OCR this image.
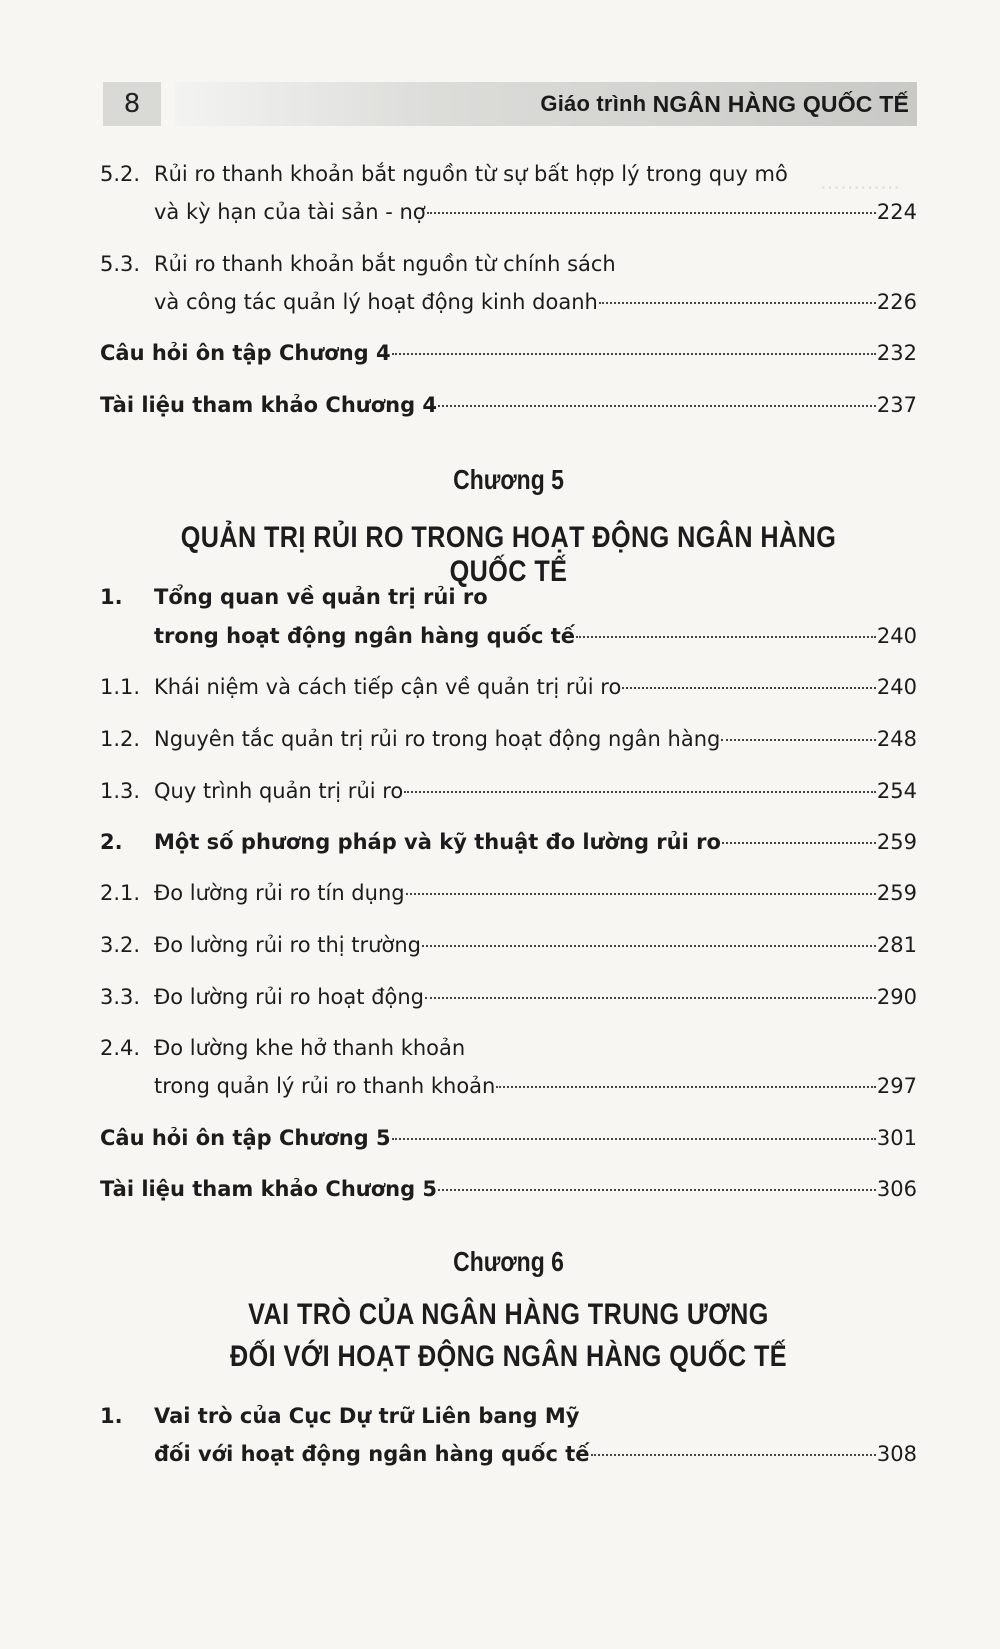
............
8	Giáo trình NGÂN HÀNG QUỐC TẾ
5.2. Rủi ro thanh khoản bắt nguồn từ sự bất hợp lý trong quy mô
và kỳ hạn của tài sản - nợ	224
5.3. Rủi ro thanh khoản bắt nguồn từ chính sách
và công tác quản lý hoạt động kinh doanh	226
Câu hỏi ôn tập Chương 4	232
Tài liệu tham khảo Chương 4	237
Chương 5
QUẢN TRỊ RỦI RO TRONG HOẠT ĐỘNG NGÂN HÀNG QUỐC TẾ
1.	Tổng quan về quản trị rủi ro
trong hoạt động ngân hàng quốc tế	240
1.1. Khái niệm và cách tiếp cận về quản trị rủi ro	240
1.2. Nguyên tắc quản trị rủi ro trong hoạt động ngân hàng	248
1.3. Quy trình quản trị rủi ro	254
2.	Một số phương pháp và kỹ thuật đo lường rủi ro	259
2.1. Đo lường rủi ro tín dụng	259
3.2. Đo lường rủi ro thị trường	281
3.3. Đo lường rủi ro hoạt động	290
2.4. Đo lường khe hở thanh khoản
trong quản lý rủi ro thanh khoản	297
Câu hỏi ôn tập Chương 5	301
Tài liệu tham khảo Chương 5	306
Chương 6
VAI TRÒ CỦA NGÂN HÀNG TRUNG ƯƠNG
ĐỐI VỚI HOẠT ĐỘNG NGÂN HÀNG QUỐC TẾ
1.	Vai trò của Cục Dự trữ Liên bang Mỹ
đối với hoạt động ngân hàng quốc tế	308
